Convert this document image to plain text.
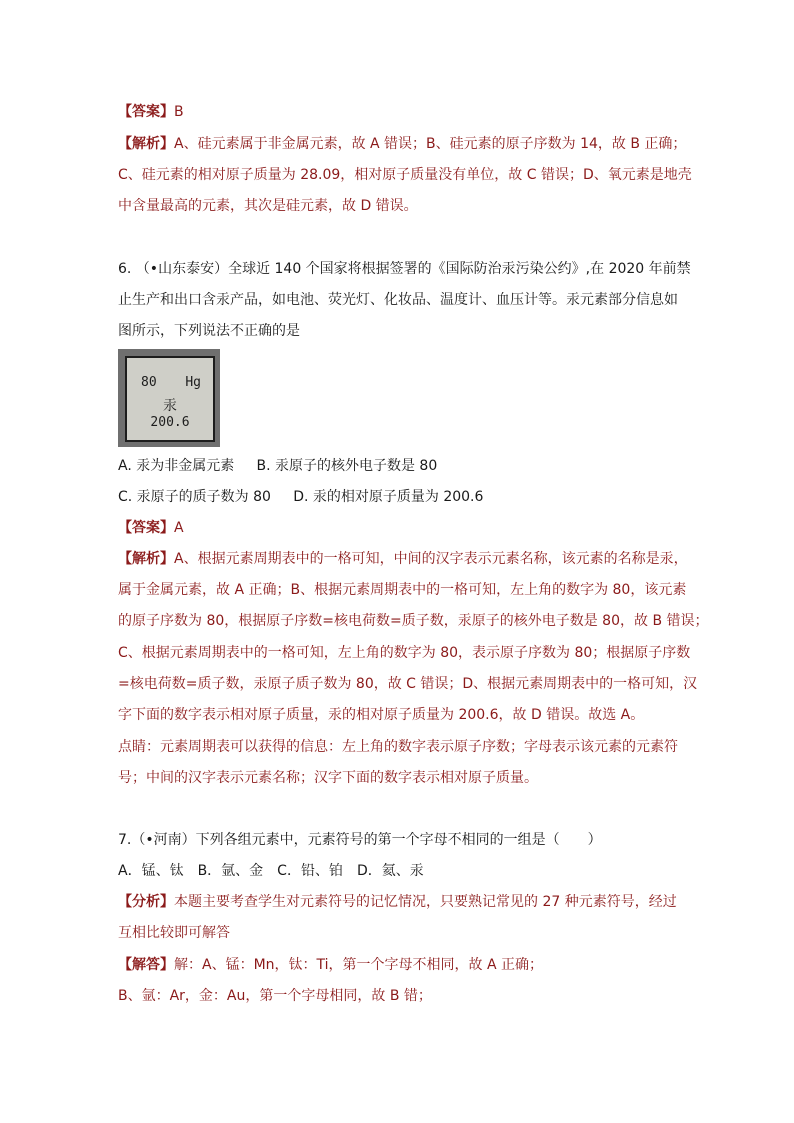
【答案】B
【解析】A、硅元素属于非金属元素，故 A 错误；B、硅元素的原子序数为 14，故 B 正确；
C、硅元素的相对原子质量为 28.09，相对原子质量没有单位，故 C 错误；D、氧元素是地壳
中含量最高的元素，其次是硅元素，故 D 错误。
6. （•山东泰安）全球近 140 个国家将根据签署的《国际防治汞污染公约》,在 2020 年前禁
止生产和出口含汞产品，如电池、荧光灯、化妆品、温度计、血压计等。汞元素部分信息如
图所示，下列说法不正确的是
80 Hg
汞
200.6
A. 汞为非金属元素     B. 汞原子的核外电子数是 80
C. 汞原子的质子数为 80     D. 汞的相对原子质量为 200.6
【答案】A
【解析】A、根据元素周期表中的一格可知，中间的汉字表示元素名称，该元素的名称是汞，
属于金属元素，故 A 正确；B、根据元素周期表中的一格可知，左上角的数字为 80，该元素
的原子序数为 80，根据原子序数=核电荷数=质子数，汞原子的核外电子数是 80，故 B 错误；
C、根据元素周期表中的一格可知，左上角的数字为 80，表示原子序数为 80；根据原子序数
=核电荷数=质子数，汞原子质子数为 80，故 C 错误；D、根据元素周期表中的一格可知，汉
字下面的数字表示相对原子质量，汞的相对原子质量为 200.6，故 D 错误。故选 A。
点睛：元素周期表可以获得的信息：左上角的数字表示原子序数；字母表示该元素的元素符
号；中间的汉字表示元素名称；汉字下面的数字表示相对原子质量。
7.（•河南）下列各组元素中，元素符号的第一个字母不相同的一组是（　　）
A．锰、钛　B．氩、金　C．铅、铂　D．氦、汞
【分析】本题主要考查学生对元素符号的记忆情况，只要熟记常见的 27 种元素符号，经过
互相比较即可解答
【解答】解：A、锰：Mn，钛：Ti，第一个字母不相同，故 A 正确；
B、氩：Ar，金：Au，第一个字母相同，故 B 错；
